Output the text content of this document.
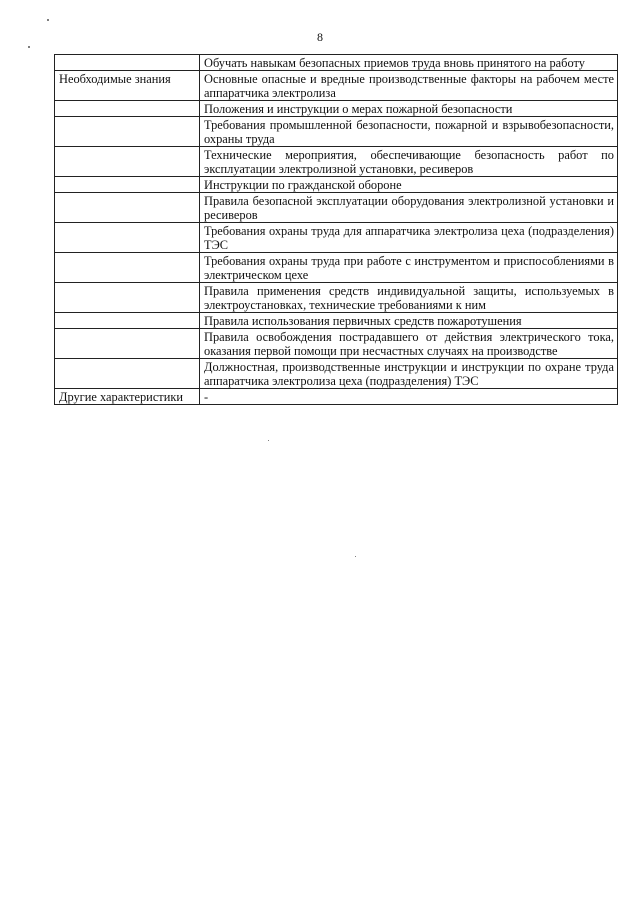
8
	Обучать навыкам безопасных приемов труда вновь принятого на работу
Необходимые знания	Основные опасные и вредные производственные факторы на рабочем месте аппаратчика электролиза
	Положения и инструкции о мерах пожарной безопасности
	Требования промышленной безопасности, пожарной и взрывобезопасности, охраны труда
	Технические мероприятия, обеспечивающие безопасность работ по эксплуатации электролизной установки, ресиверов
	Инструкции по гражданской обороне
	Правила безопасной эксплуатации оборудования электролизной установки и ресиверов
	Требования охраны труда для аппаратчика электролиза цеха (подразделения) ТЭС
	Требования охраны труда при работе с инструментом и приспособлениями в электрическом цехе
	Правила применения средств индивидуальной защиты, используемых в электроустановках, технические требованиями к ним
	Правила использования первичных средств пожаротушения
	Правила освобождения пострадавшего от действия электрического тока, оказания первой помощи при несчастных случаях на производстве
	Должностная, производственные инструкции и инструкции по охране труда аппаратчика электролиза цеха (подразделения) ТЭС
Другие характеристики	-
